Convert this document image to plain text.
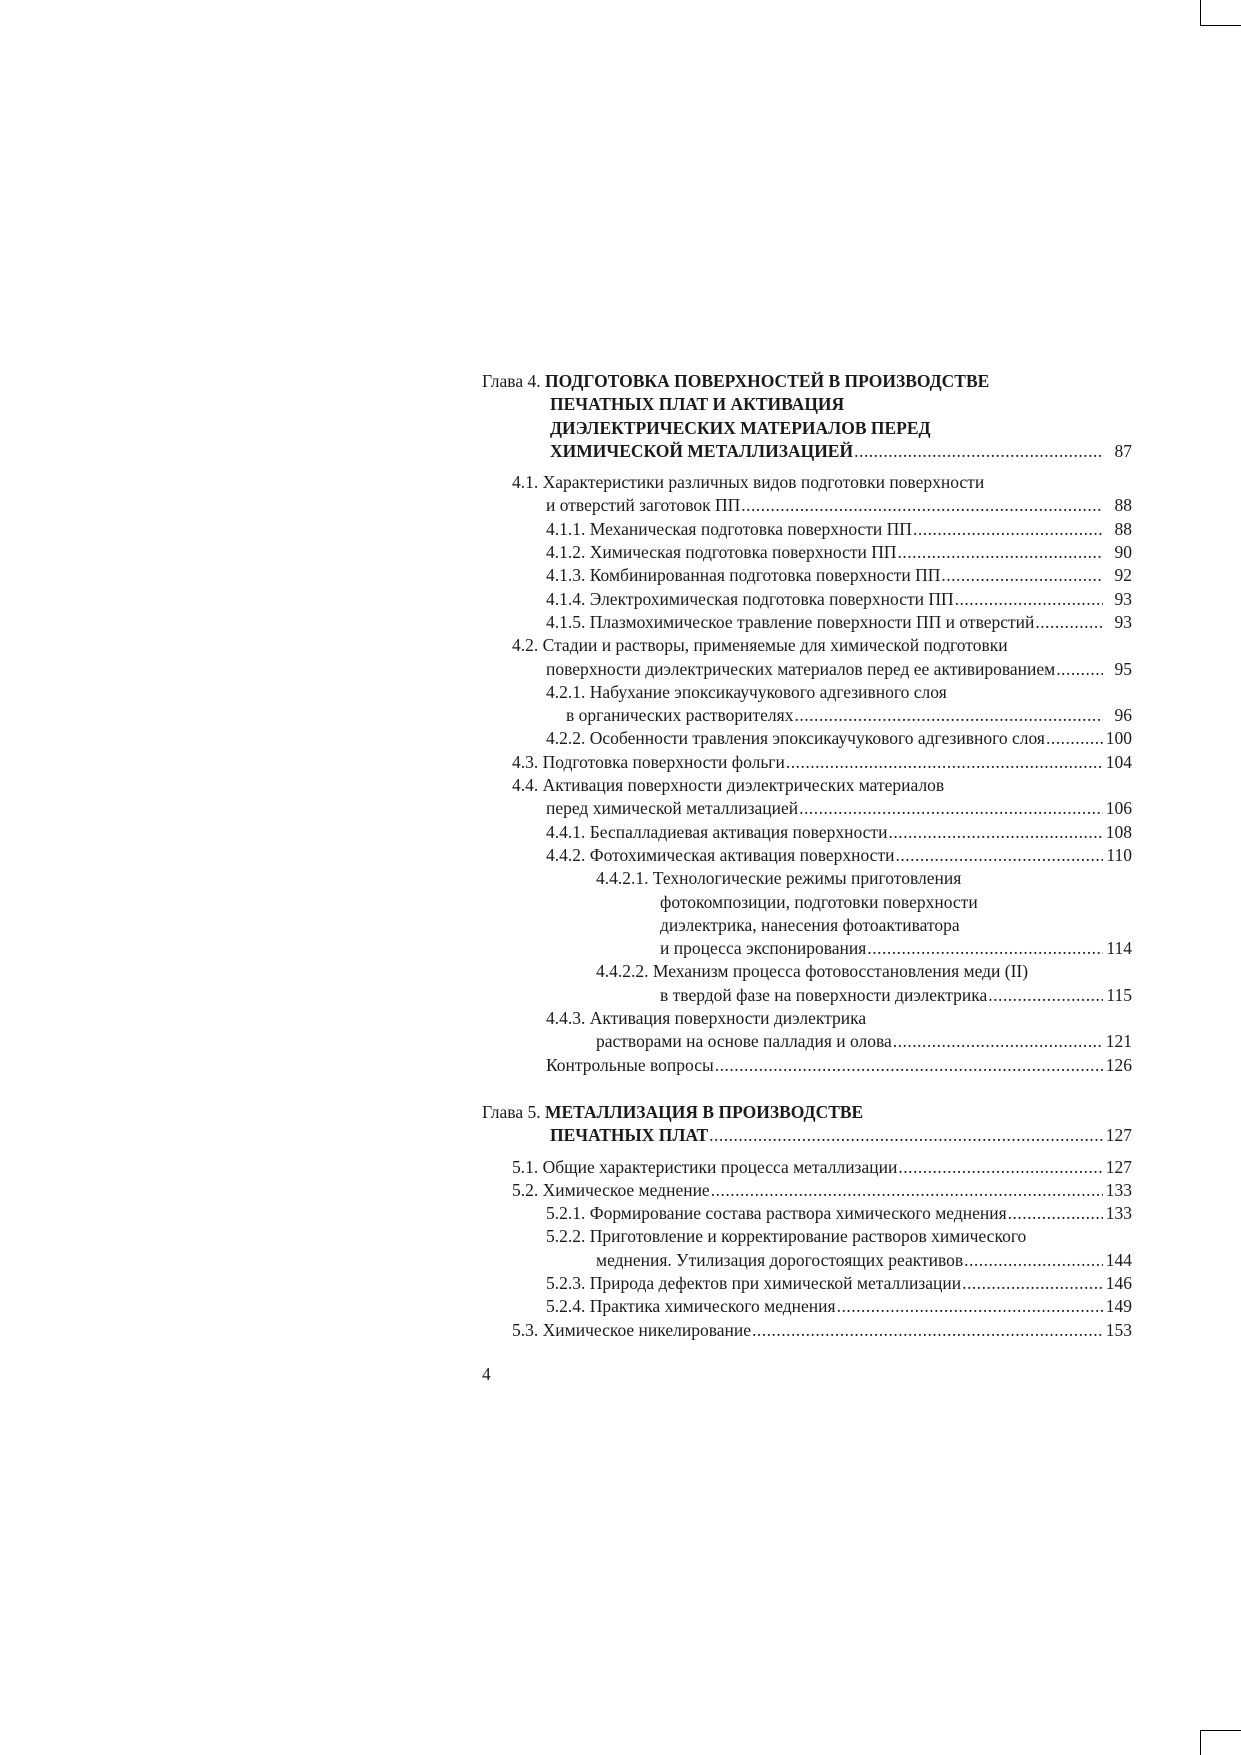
Глава 4. ПОДГОТОВКА ПОВЕРХНОСТЕЙ В ПРОИЗВОДСТВЕ
ПЕЧАТНЫХ ПЛАТ И АКТИВАЦИЯ
ДИЭЛЕКТРИЧЕСКИХ МАТЕРИАЛОВ ПЕРЕД
ХИМИЧЕСКОЙ МЕТАЛЛИЗАЦИЕЙ .....	87
4.1. Характеристики различных видов подготовки поверхности
и отверстий заготовок ПП .....	88
4.1.1. Механическая подготовка поверхности ПП .....	88
4.1.2. Химическая подготовка поверхности ПП .....	90
4.1.3. Комбинированная подготовка поверхности ПП .....	92
4.1.4. Электрохимическая подготовка поверхности ПП .....	93
4.1.5. Плазмохимическое травление поверхности ПП и отверстий .....	93
4.2. Стадии и растворы, применяемые для химической подготовки
поверхности диэлектрических материалов перед ее активированием .....	95
4.2.1. Набухание эпоксикаучукового адгезивного слоя
в органических растворителях .....	96
4.2.2. Особенности травления эпоксикаучукового адгезивного слоя .....	100
4.3. Подготовка поверхности фольги .....	104
4.4. Активация поверхности диэлектрических материалов
перед химической металлизацией .....	106
4.4.1. Беспалладиевая активация поверхности .....	108
4.4.2. Фотохимическая активация поверхности .....	110
4.4.2.1. Технологические режимы приготовления
фотокомпозиции, подготовки поверхности
диэлектрика, нанесения фотоактиватора
и процесса экспонирования .....	114
4.4.2.2. Механизм процесса фотовосстановления меди (II)
в твердой фазе на поверхности диэлектрика .....	115
4.4.3. Активация поверхности диэлектрика
растворами на основе палладия и олова .....	121
Контрольные вопросы .....	126
Глава 5. МЕТАЛЛИЗАЦИЯ В ПРОИЗВОДСТВЕ
ПЕЧАТНЫХ ПЛАТ .....	127
5.1. Общие характеристики процесса металлизации .....	127
5.2. Химическое меднение .....	133
5.2.1. Формирование состава раствора химического меднения .....	133
5.2.2. Приготовление и корректирование растворов химического
меднения. Утилизация дорогостоящих реактивов .....	144
5.2.3. Природа дефектов при химической металлизации .....	146
5.2.4. Практика химического меднения .....	149
5.3. Химическое никелирование .....	153
4
